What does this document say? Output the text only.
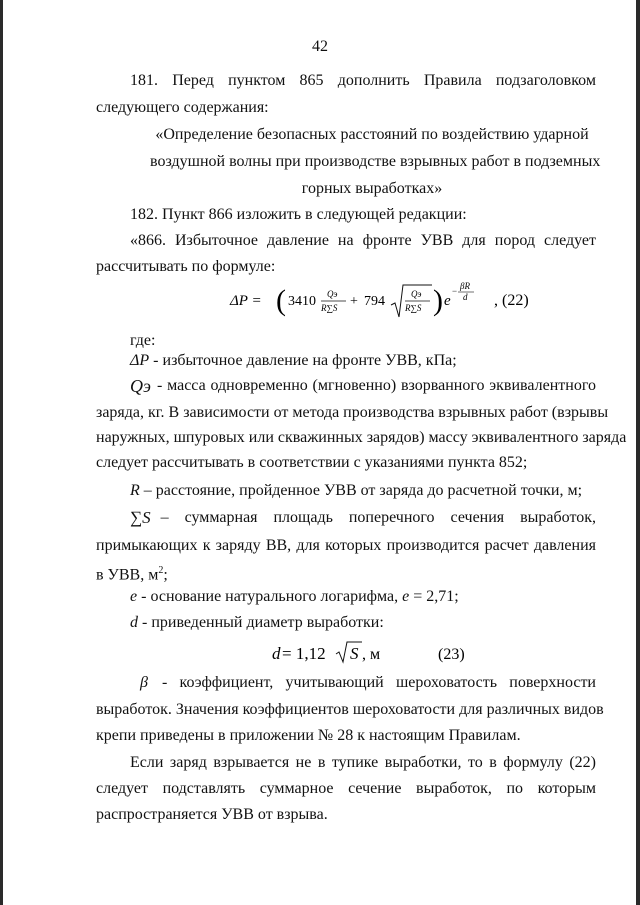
42
181. Перед пунктом 865 дополнить Правила подзаголовком
следующего содержания:
«Определение безопасных расстояний по воздействию ударной
воздушной волны при производстве взрывных работ в подземных
горных выработках»
182. Пункт 866 изложить в следующей редакции:
«866. Избыточное давление на фронте УВВ для пород следует
рассчитывать по формуле:
ΔP = ( 3410 Qэ
R∑S + 794	Qэ
R∑S ) e
− βR
d , (22)
где:
ΔP - избыточное давление на фронте УВВ, кПа;
Qэ - масса одновременно (мгновенно) взорванного эквивалентного
заряда, кг. В зависимости от метода производства взрывных работ (взрывы
наружных, шпуровых или скважинных зарядов) массу эквивалентного заряда
следует рассчитывать в соответствии с указаниями пункта 852;
R – расстояние, пройденное УВВ от заряда до расчетной точки, м;
∑S – суммарная площадь поперечного сечения выработок,
примыкающих к заряду ВВ, для которых производится расчет давления
в УВВ, $м^2$;
e - основание натурального логарифма, e = 2,71;
d - приведенный диаметр выработки:
d = 1,12 S , м	(23)
β - коэффициент, учитывающий шероховатость поверхности
выработок. Значения коэффициентов шероховатости для различных видов
крепи приведены в приложении № 28 к настоящим Правилам.
Если заряд взрывается не в тупике выработки, то в формулу (22)
следует подставлять суммарное сечение выработок, по которым
распространяется УВВ от взрыва.
